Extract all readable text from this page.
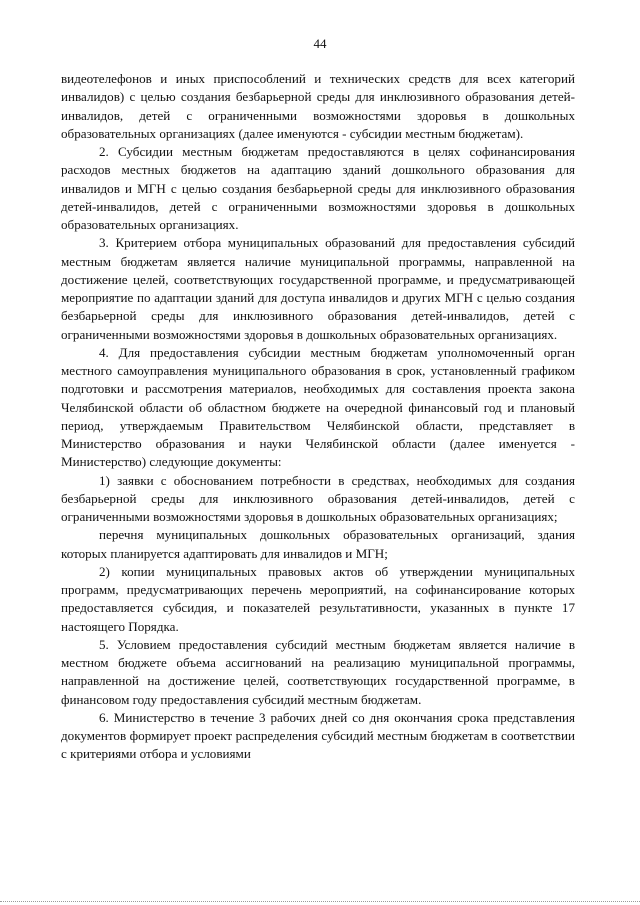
44

видеотелефонов и иных приспособлений и технических средств для всех категорий инвалидов) с целью создания безбарьерной среды для инклюзивного образования детей-инвалидов, детей с ограниченными возможностями здоровья в дошкольных образовательных организациях (далее именуются - субсидии местным бюджетам).

2. Субсидии местным бюджетам предоставляются в целях софинансирования расходов местных бюджетов на адаптацию зданий дошкольного образования для инвалидов и МГН с целью создания безбарьерной среды для инклюзивного образования детей-инвалидов, детей с ограниченными возможностями здоровья в дошкольных образовательных организациях.

3. Критерием отбора муниципальных образований для предоставления субсидий местным бюджетам является наличие муниципальной программы, направленной на достижение целей, соответствующих государственной программе, и предусматривающей мероприятие по адаптации зданий для доступа инвалидов и других МГН с целью создания безбарьерной среды для инклюзивного образования детей-инвалидов, детей с ограниченными возможностями здоровья в дошкольных образовательных организациях.

4. Для предоставления субсидии местным бюджетам уполномоченный орган местного самоуправления муниципального образования в срок, установленный графиком подготовки и рассмотрения материалов, необходимых для составления проекта закона Челябинской области об областном бюджете на очередной финансовый год и плановый период, утверждаемым Правительством Челябинской области, представляет в Министерство образования и науки Челябинской области (далее именуется - Министерство) следующие документы:

1) заявки с обоснованием потребности в средствах, необходимых для создания безбарьерной среды для инклюзивного образования детей-инвалидов, детей с ограниченными возможностями здоровья в дошкольных образовательных организациях;

перечня муниципальных дошкольных образовательных организаций, здания которых планируется адаптировать для инвалидов и МГН;

2) копии муниципальных правовых актов об утверждении муниципальных программ, предусматривающих перечень мероприятий, на софинансирование которых предоставляется субсидия, и показателей результативности, указанных в пункте 17 настоящего Порядка.

5. Условием предоставления субсидий местным бюджетам является наличие в местном бюджете объема ассигнований на реализацию муниципальной программы, направленной на достижение целей, соответствующих государственной программе, в финансовом году предоставления субсидий местным бюджетам.

6. Министерство в течение 3 рабочих дней со дня окончания срока представления документов формирует проект распределения субсидий местным бюджетам в соответствии с критериями отбора и условиями
